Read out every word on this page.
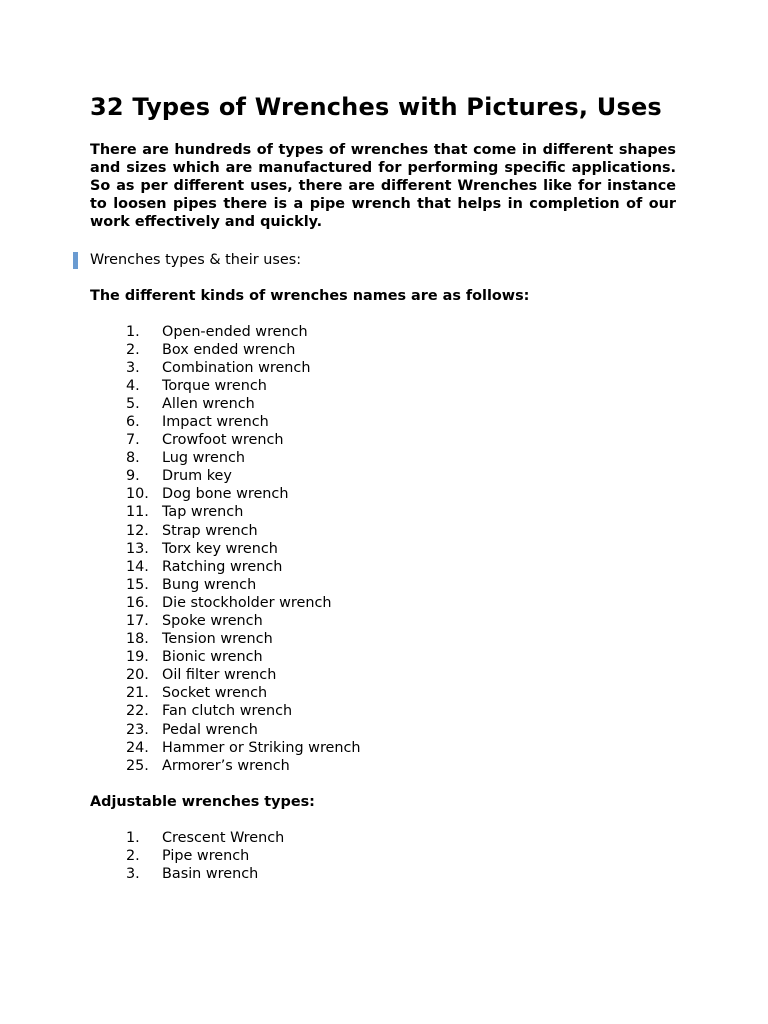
32 Types of Wrenches with Pictures, Uses

There are hundreds of types of wrenches that come in different shapes and sizes which are manufactured for performing specific applications. So as per different uses, there are different Wrenches like for instance to loosen pipes there is a pipe wrench that helps in completion of our work effectively and quickly.

Wrenches types & their uses:
The different kinds of wrenches names are as follows:
1. Open-ended wrench
2. Box ended wrench
3. Combination wrench
4. Torque wrench
5. Allen wrench
6. Impact wrench
7. Crowfoot wrench
8. Lug wrench
9. Drum key
10. Dog bone wrench
11. Tap wrench
12. Strap wrench
13. Torx key wrench
14. Ratching wrench
15. Bung wrench
16. Die stockholder wrench
17. Spoke wrench
18. Tension wrench
19. Bionic wrench
20. Oil filter wrench
21. Socket wrench
22. Fan clutch wrench
23. Pedal wrench
24. Hammer or Striking wrench
25. Armorer’s wrench
Adjustable wrenches types:
1. Crescent Wrench
2. Pipe wrench
3. Basin wrench
